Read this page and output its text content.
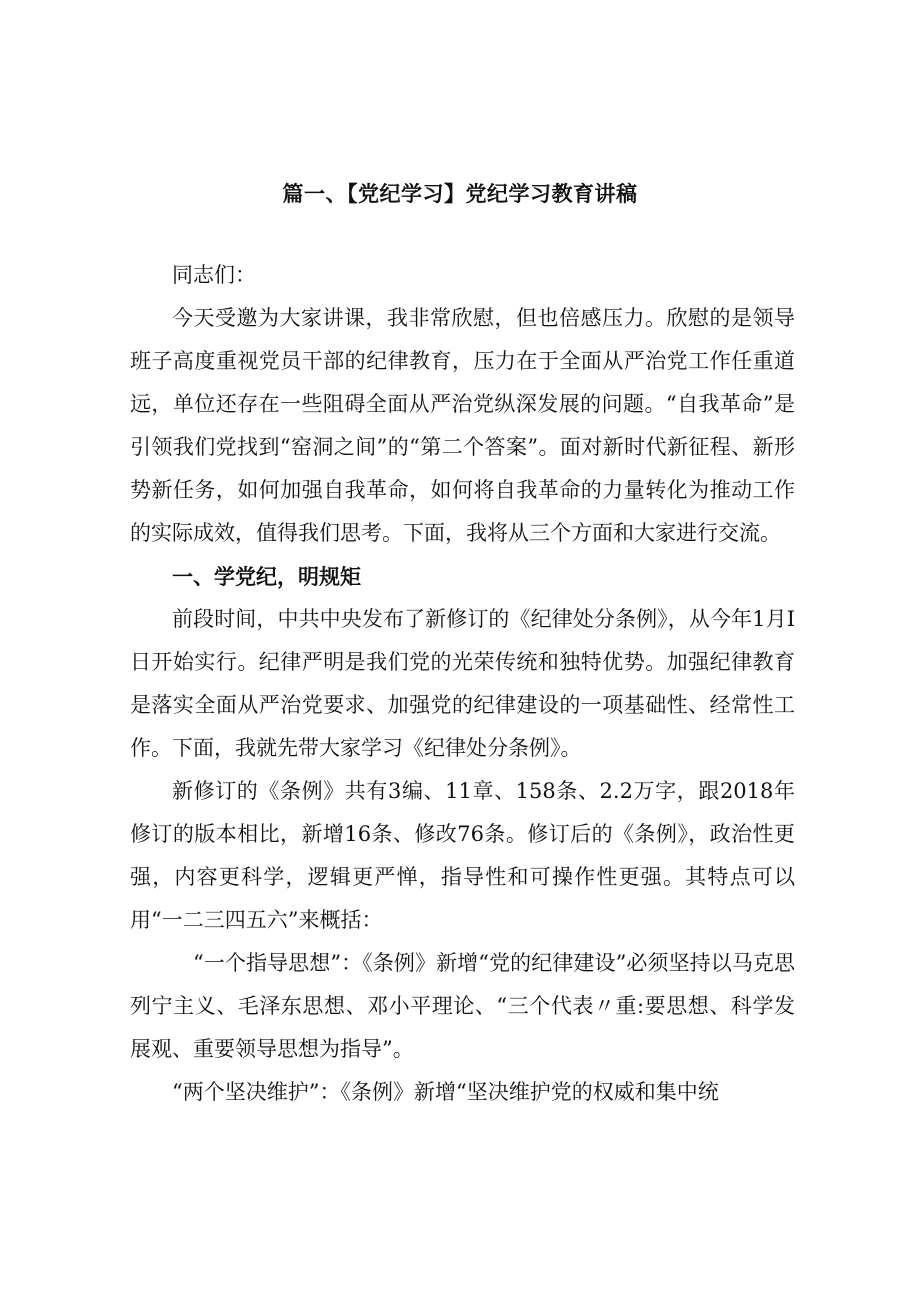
篇一、【党纪学习】党纪学习教育讲稿

同志们：

今天受邀为大家讲课，我非常欣慰，但也倍感压力。欣慰的是领导班子高度重视党员干部的纪律教育，压力在于全面从严治党工作任重道远，单位还存在一些阻碍全面从严治党纵深发展的问题。“自我革命”是引领我们党找到“窑洞之间”的“第二个答案”。面对新时代新征程、新形势新任务，如何加强自我革命，如何将自我革命的力量转化为推动工作的实际成效，值得我们思考。下面，我将从三个方面和大家进行交流。

一、学党纪，明规矩

前段时间，中共中央发布了新修订的《纪律处分条例》，从今年1月I日开始实行。纪律严明是我们党的光荣传统和独特优势。加强纪律教育是落实全面从严治党要求、加强党的纪律建设的一项基础性、经常性工作。下面，我就先带大家学习《纪律处分条例》。

新修订的《条例》共有3编、11章、158条、2.2万字，跟2018年修订的版本相比，新增16条、修改76条。修订后的《条例》，政治性更强，内容更科学，逻辑更严惮，指导性和可操作性更强。其特点可以用“一二三四五六”来概括：

“一个指导思想”：《条例》新增“党的纪律建设”必须坚持以马克思列宁主义、毛泽东思想、邓小平理论、“三个代表〃重:要思想、科学发展观、重要领导思想为指导”。

“两个坚决维护”：《条例》新增“坚决维护党的权威和集中统
